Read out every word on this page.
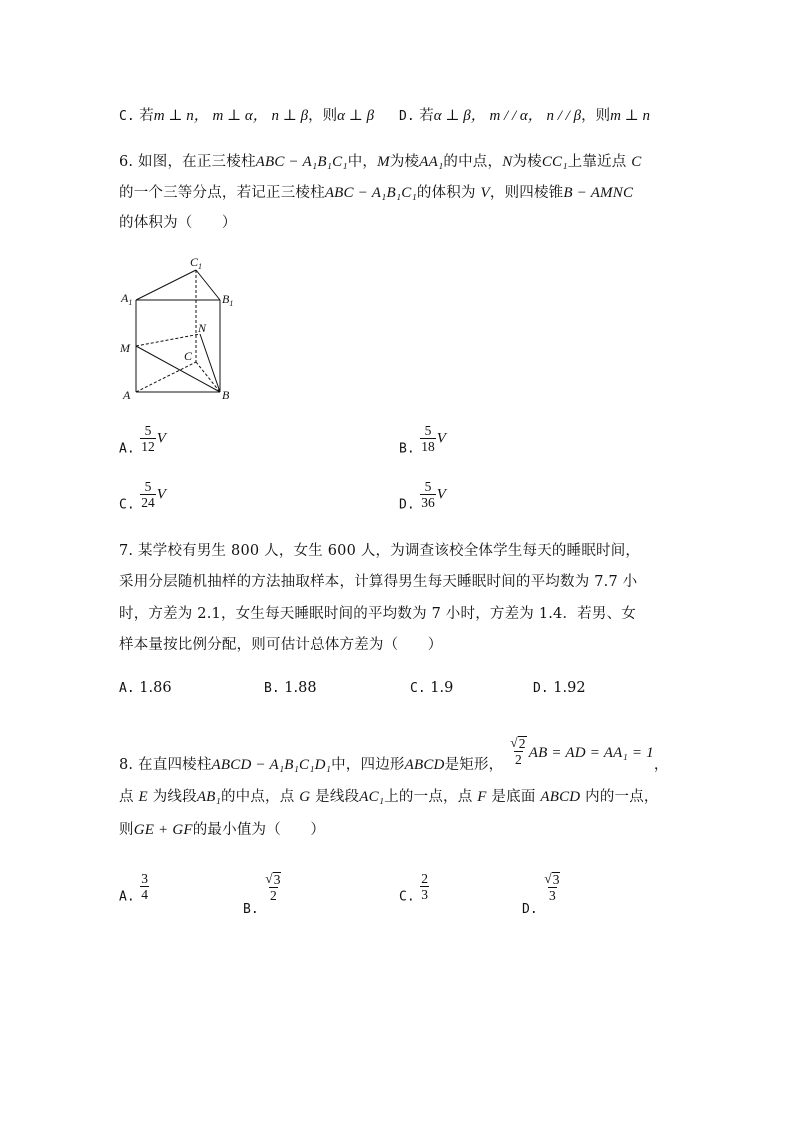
C. 若m ⊥ n， m ⊥ α， n ⊥ β，则α ⊥ β D. 若α ⊥ β， m / / α， n / / β，则m ⊥ n
6. 如图，在正三棱柱ABC − A₁B₁C₁中，M为棱AA₁的中点，N为棱CC₁上靠近点 C
的一个三等分点，若记正三棱柱ABC − A₁B₁C₁的体积为 V，则四棱锥B − AMNC
的体积为（　　）
$C_1$
$A_1$	$B_1$
N
M
C
A	B
A. $\frac{5}{12}$ V
B. $\frac{5}{18}$ V
C. $\frac{5}{24}$ V
D. $\frac{5}{36}$ V
7. 某学校有男生 800 人，女生 600 人，为调查该校全体学生每天的睡眠时间，
采用分层随机抽样的方法抽取样本，计算得男生每天睡眠时间的平均数为 7.7 小
时，方差为 2.1，女生每天睡眠时间的平均数为 7 小时，方差为 1.4．若男、女
样本量按比例分配，则可估计总体方差为（　　）
A. 1.86	B. 1.88	C. 1.9	D. 1.92
8. 在直四棱柱ABCD − A₁B₁C₁D₁中，四边形ABCD是矩形， $\frac{√ 2}{2}$ AB = AD = AA₁ = 1，
点 E 为线段AB₁的中点，点 G 是线段AC₁上的一点，点 F 是底面 ABCD 内的一点，
则GE + GF的最小值为（　　）
A. $\frac{3}{4}$
B.
$\frac{√ 3}{2}$	C. $\frac{2}{3}$
D.
$\frac{√ 3}{3}$
